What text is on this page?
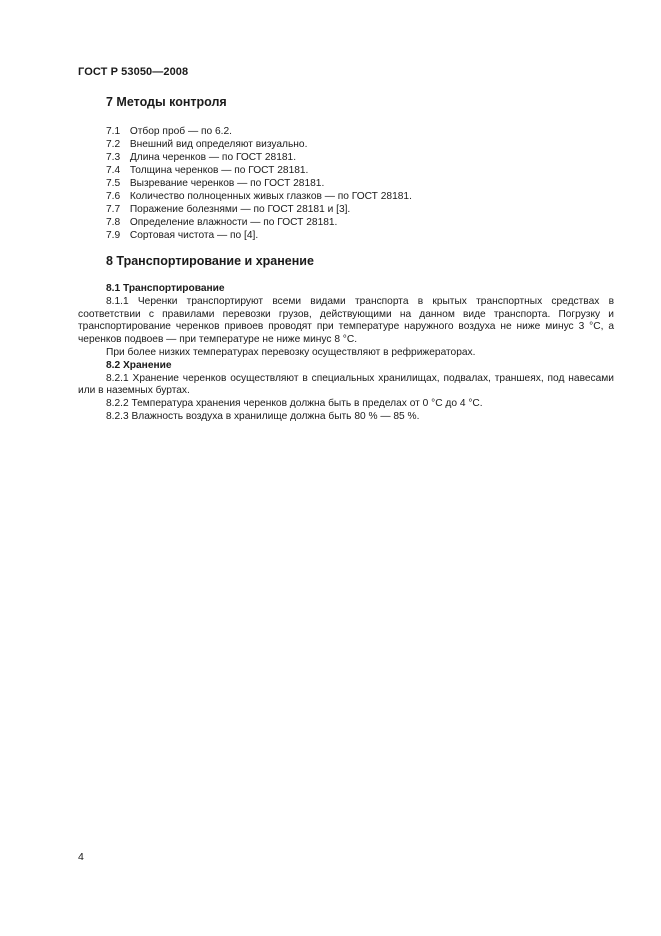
ГОСТ Р 53050—2008
7 Методы контроля
7.1 Отбор проб — по 6.2.
7.2 Внешний вид определяют визуально.
7.3 Длина черенков — по ГОСТ 28181.
7.4 Толщина черенков — по ГОСТ 28181.
7.5 Вызревание черенков — по ГОСТ 28181.
7.6 Количество полноценных живых глазков — по ГОСТ 28181.
7.7 Поражение болезнями — по ГОСТ 28181 и [3].
7.8 Определение влажности — по ГОСТ 28181.
7.9 Сортовая чистота — по [4].
8 Транспортирование и хранение
8.1 Транспортирование

8.1.1 Черенки транспортируют всеми видами транспорта в крытых транспортных средствах в соответствии с правилами перевозки грузов, действующими на данном виде транспорта. Погрузку и транспортирование черенков привоев проводят при температуре наружного воздуха не ниже минус 3 °С, а черенков подвоев — при температуре не ниже минус 8 °С.

При более низких температурах перевозку осуществляют в рефрижераторах.

8.2 Хранение

8.2.1 Хранение черенков осуществляют в специальных хранилищах, подвалах, траншеях, под навесами или в наземных буртах.

8.2.2 Температура хранения черенков должна быть в пределах от 0 °С до 4 °С.

8.2.3 Влажность воздуха в хранилище должна быть 80 % — 85 %.

4
